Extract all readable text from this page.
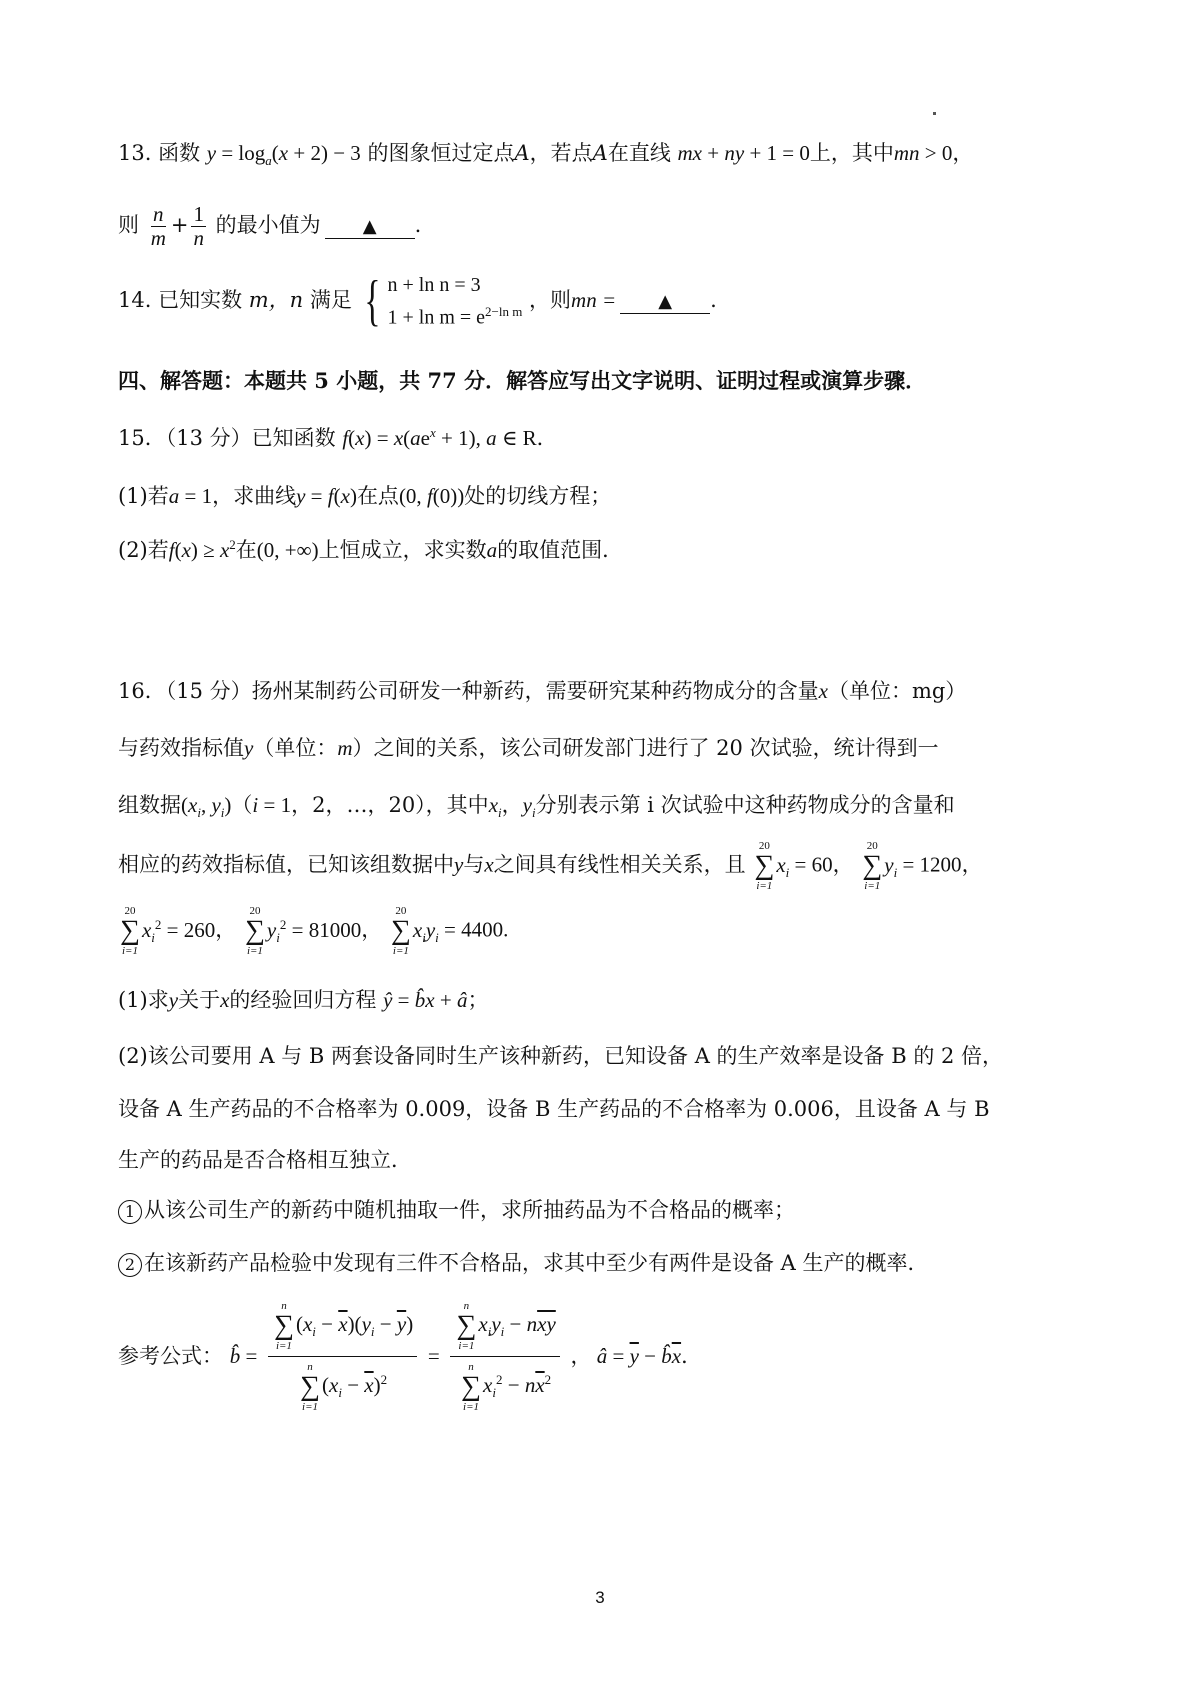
13. 函数 $y = \log_a(x + 2) - 3$ 的图象恒过定点A，若点A在直线 mx + ny + 1 = 0上，其中mn > 0，
则 $\frac{n}{m} + \frac{1}{n}$ 的最小值为 ▲ .
14. 已知实数 m，n 满足 { n + ln n = 3
$1 + \ln m = e^{2-ln m}$ ，则mn = ▲ .
四、解答题：本题共 5 小题，共 77 分．解答应写出文字说明、证明过程或演算步骤．
15．（13 分）已知函数 $f(x) = x(ae^x + 1)$, a ∈ R．
(1)若a = 1，求曲线y = f(x)在点(0, f(0))处的切线方程；
(2)若$f(x) \ge x^2$在(0, +∞)上恒成立，求实数a的取值范围．
16．（15 分）扬州某制药公司研发一种新药，需要研究某种药物成分的含量x（单位：mg）
与药效指标值y（单位：m）之间的关系，该公司研发部门进行了 20 次试验，统计得到一
组数据($x_i$, $y_i)(i = 1$，2，…，20），其中$x_i$，$y_i$分别表示第 i 次试验中这种药物成分的含量和
相应的药效指标值，已知该组数据中y与x之间具有线性相关关系，且
20
∑
i=1
$x_i = 60$，
20
∑
i=1
$y_i = 1200$，
20
∑
i=1
$x_i^2 = 260$，
20
∑
i=1
$y_i^2 = 81000$，
20
∑
i=1
$x_iy_i = 4400$.
(1)求y关于x的经验回归方程 ŷ = b̂x + â；
(2)该公司要用 A 与 B 两套设备同时生产该种新药，已知设备 A 的生产效率是设备 B 的 2 倍，
设备 A 生产药品的不合格率为 0.009，设备 B 生产药品的不合格率为 0.006，且设备 A 与 B
生产的药品是否合格相互独立．
1 从该公司生产的新药中随机抽取一件，求所抽药品为不合格品的概率；
2 在该新药产品检验中发现有三件不合格品，求其中至少有两件是设备 A 生产的概率．
参考公式： b̂ = n
∑
i=1
$(x_i - \overline{x})(y_i - \overline{y})$
n
∑
i=1
$(x_i - \overline{x})^2 = n$
∑
i=1
$x_iy_i - n\overline{xy}$
n
∑
i=1
$x_i^2 - n\overline{x}^2$ ， â = $\overline{y}$ − $b̂\overline{x}$．
3
